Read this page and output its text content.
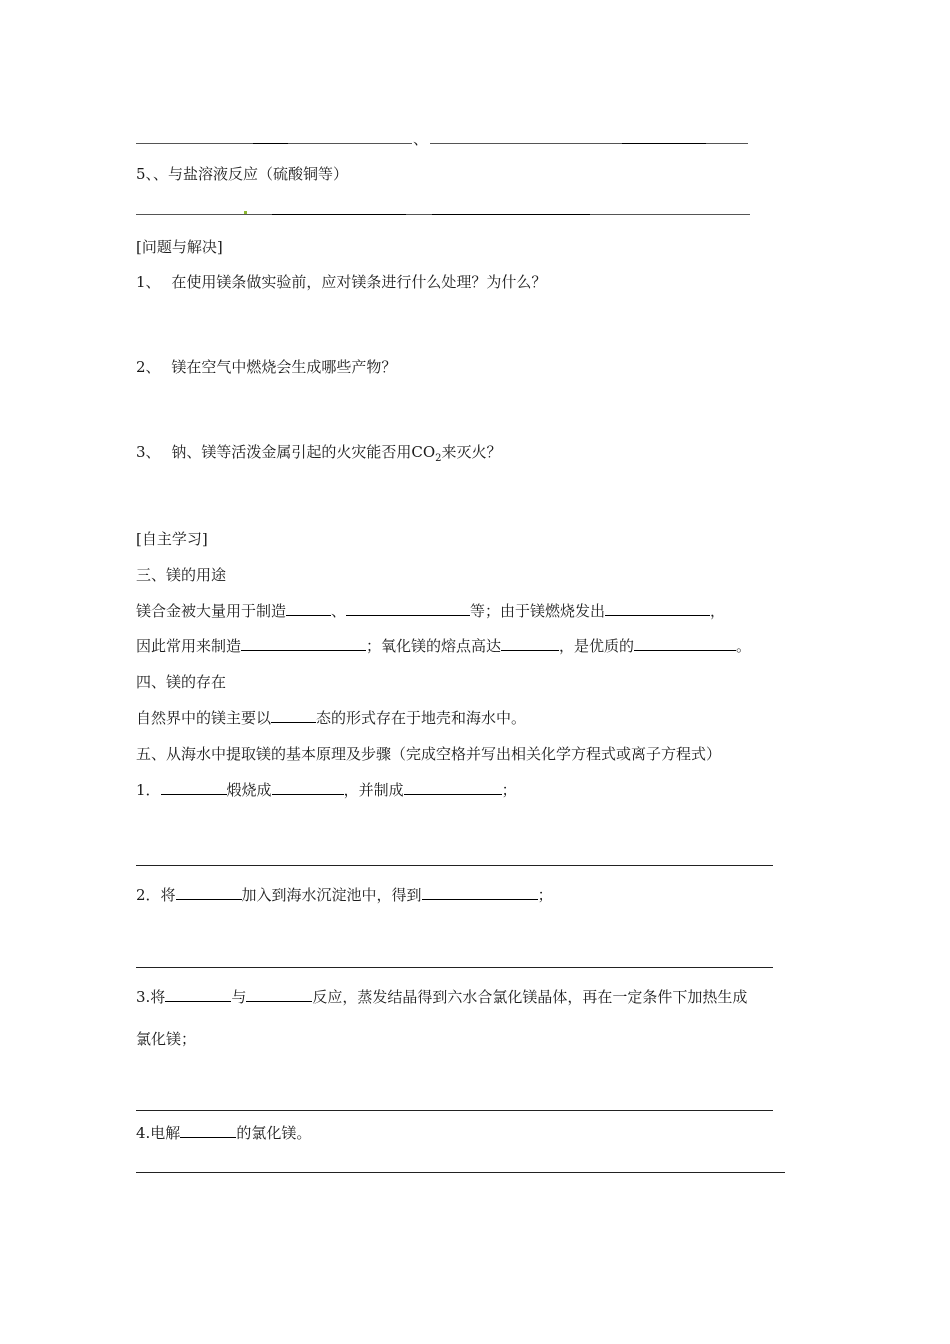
、
5、、与盐溶液反应（硫酸铜等）
[问题与解决]
1、 在使用镁条做实验前，应对镁条进行什么处理？为什么？
2、 镁在空气中燃烧会生成哪些产物？
3、 钠、镁等活泼金属引起的火灾能否用$CO_2$来灭火？
[自主学习]
三、镁的用途
镁合金被大量用于制造	、	等；由于镁燃烧发出	，
因此常用来制造	；氧化镁的熔点高达	，是优质的	。
四、镁的存在
自然界中的镁主要以	态的形式存在于地壳和海水中。
五、从海水中提取镁的基本原理及步骤（完成空格并写出相关化学方程式或离子方程式）
1．	煅烧成	，并制成	；
2．将	加入到海水沉淀池中，得到	；
3.将	与	反应，蒸发结晶得到六水合氯化镁晶体，再在一定条件下加热生成
氯化镁；
4.电解	的氯化镁。
